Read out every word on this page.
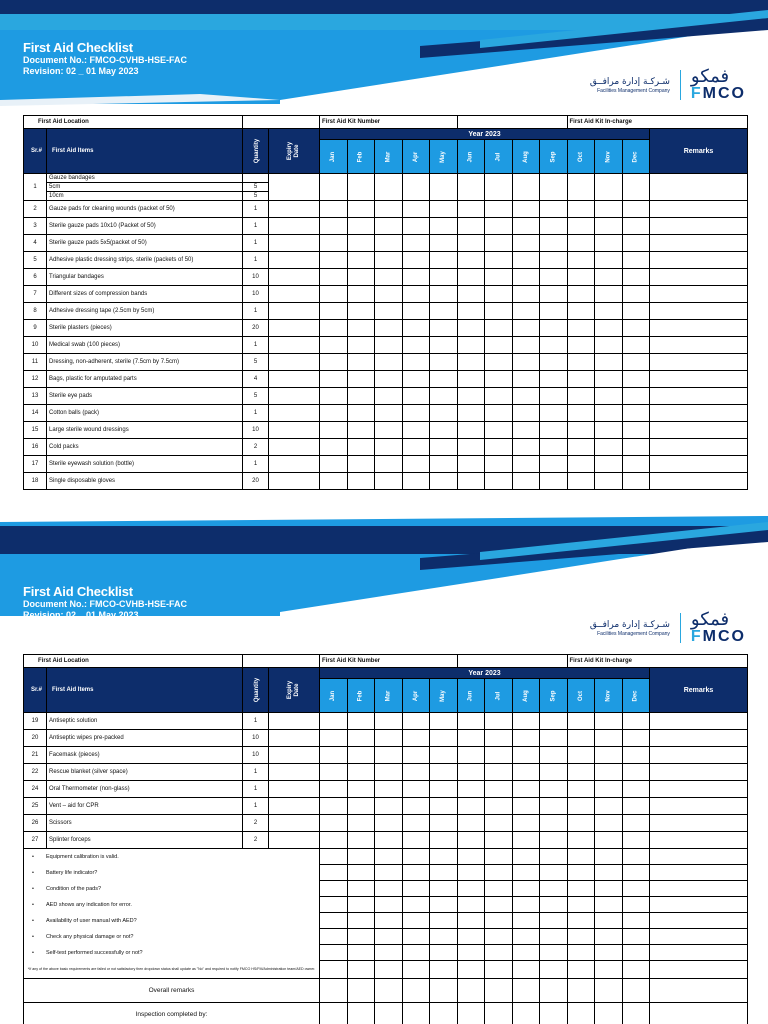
First Aid Checklist
Document No.: FMCO-CVHB-HSE-FAC
Revision: 02 _ 01 May 2023
شـركـة إدارة مرافــق
Facilities Management Company
فمكو
FMCO
First Aid Location				First Aid Kit Number									First Aid Kit In-charge				
Sr.#	First Aid Items	Quantity	Expiry Date	Year 2023												Remarks	
				Jan	Feb	Mar	Apr	May	Jun	Jul	Aug	Sep	Oct	Nov	Dec		
1	Gauze bandages																
	5cm	5															
	10cm	5															
2	Gauze pads for cleaning wounds (packet of 50)	1															
3	Sterile gauze pads 10x10 (Packet of 50)	1															
4	Sterile gauze pads 5x5(packet of 50)	1															
5	Adhesive plastic dressing strips, sterile (packets of 50)	1															
6	Triangular bandages	10															
7	Different sizes of compression bands	10															
8	Adhesive dressing tape (2.5cm by 5cm)	1															
9	Sterile plasters (pieces)	20															
10	Medical swab (100 pieces)	1															
11	Dressing, non-adherent, sterile (7.5cm by 7.5cm)	5															
12	Bags, plastic for amputated parts	4															
13	Sterile eye pads	5															
14	Cotton balls (pack)	1															
15	Large sterile wound dressings	10															
16	Cold packs	2															
17	Sterile eyewash solution (bottle)	1															
18	Single disposable gloves	20															
First Aid Checklist
Document No.: FMCO-CVHB-HSE-FAC
Revision: 02 _ 01 May 2023
شـركـة إدارة مرافــق
Facilities Management Company
فمكو
FMCO
First Aid Location				First Aid Kit Number									First Aid Kit In-charge				
Sr.#	First Aid Items	Quantity	Expiry Date	Year 2023												Remarks	
				Jan	Feb	Mar	Apr	May	Jun	Jul	Aug	Sep	Oct	Nov	Dec		
19	Antiseptic solution	1															
20	Antiseptic wipes pre-packed	10															
21	Facemask (pieces)	10															
22	Rescue blanket (silver space)	1															
24	Oral Thermometer (non-glass)	1															
25	Vent – aid for CPR	1															
26	Scissors	2															
27	Splinter forceps	2															
• Equipment calibration is valid.													
• Battery life indicator?													
• Condition of the pads?													
• AED shows any indication for error.													
• Availability of user manual with AED?													
• Check any physical damage or not?													
• Self-test performed successfully or not?													
*If any of the above basic requirements are failed or not satisfactory then dropdown status shall update as "No" and required to notify FMCO HS/FM/Administration team/AED owner.																	
Overall remarks																	
Inspection completed by:																	
